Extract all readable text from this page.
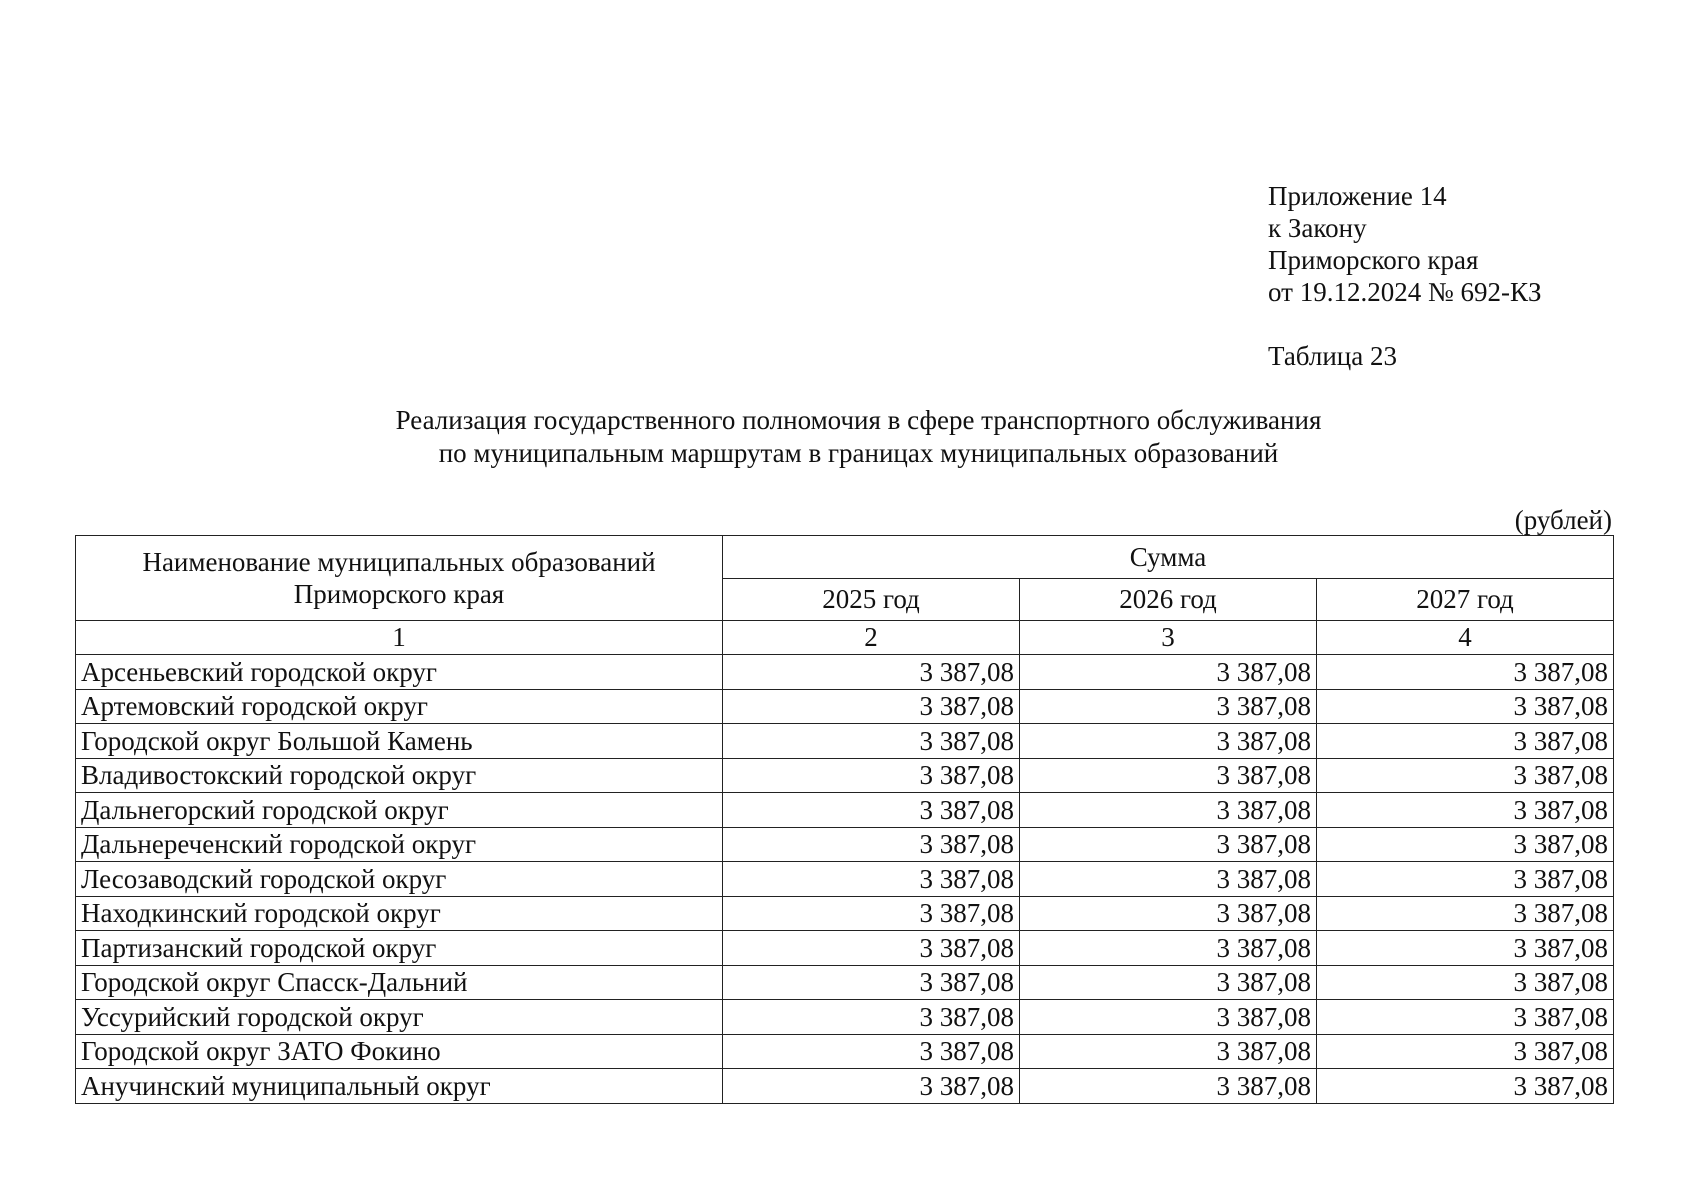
Приложение 14
к Закону
Приморского края
от 19.12.2024 № 692-КЗ
Таблица 23
Реализация государственного полномочия в сфере транспортного обслуживания
по муниципальным маршрутам в границах муниципальных образований
(рублей)
Наименование муниципальных образований
Приморского края	Сумма		
	2025 год	2026 год	2027 год
1	2	3	4
Арсеньевский городской округ	3 387,08	3 387,08	3 387,08
Артемовский городской округ	3 387,08	3 387,08	3 387,08
Городской округ Большой Камень	3 387,08	3 387,08	3 387,08
Владивостокский городской округ	3 387,08	3 387,08	3 387,08
Дальнегорский городской округ	3 387,08	3 387,08	3 387,08
Дальнереченский городской округ	3 387,08	3 387,08	3 387,08
Лесозаводский городской округ	3 387,08	3 387,08	3 387,08
Находкинский городской округ	3 387,08	3 387,08	3 387,08
Партизанский городской округ	3 387,08	3 387,08	3 387,08
Городской округ Спасск-Дальний	3 387,08	3 387,08	3 387,08
Уссурийский городской округ	3 387,08	3 387,08	3 387,08
Городской округ ЗАТО Фокино	3 387,08	3 387,08	3 387,08
Анучинский муниципальный округ	3 387,08	3 387,08	3 387,08
